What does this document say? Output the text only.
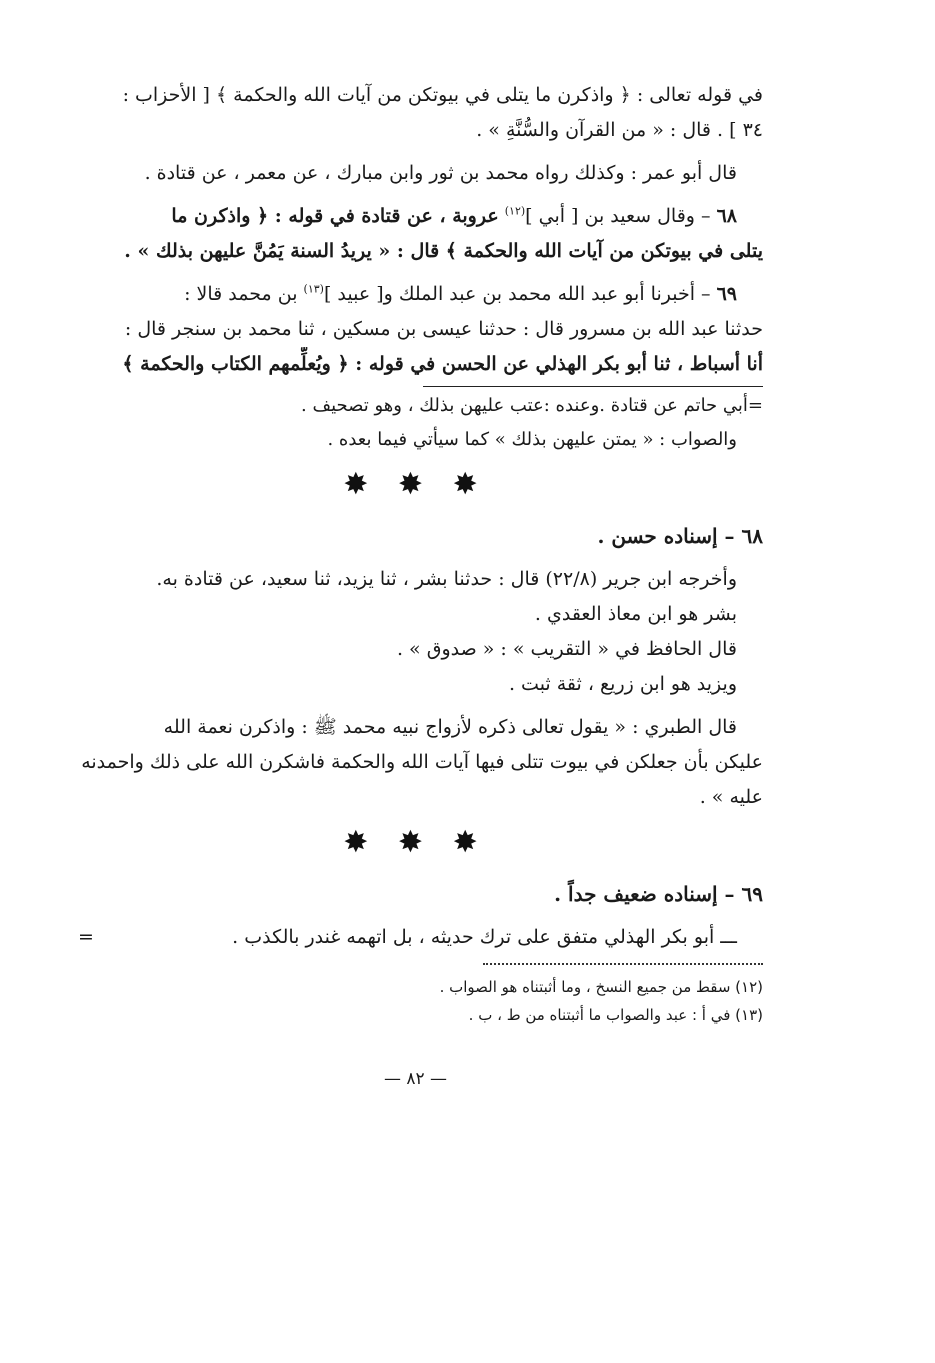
في قوله تعالى : ﴿ واذكرن ما يتلى في بيوتكن من آيات الله والحكمة ﴾ [ الأحزاب :
٣٤ ] . قال : « من القرآن والسُّنَّةِ » .
قال أبو عمر : وكذلك رواه محمد بن ثور وابن مبارك ، عن معمر ، عن قتادة .
٦٨ – وقال سعيد بن [ أبي ]$^{(١٢)}$ عروبة ، عن قتادة في قوله : ﴿ واذكرن ما
يتلى في بيوتكن من آيات الله والحكمة ﴾ قال : « يريدُ السنة يَمُنَّ عليهن بذلك » .
٦٩ – أخبرنا أبو عبد الله محمد بن عبد الملك و[ عبيد ]$^{(١٣)}$ بن محمد قالا :
حدثنا عبد الله بن مسرور قال : حدثنا عيسى بن مسكين ، ثنا محمد بن سنجر قال :
أنا أسباط ، ثنا أبو بكر الهذلي عن الحسن في قوله : ﴿ ويُعلِّمهم الكتاب والحكمة ﴾
=أبي حاتم عن قتادة .وعنده :عتب عليهن بذلك ، وهو تصحيف .
والصواب : « يمتن عليهن بذلك » كما سيأتي فيما بعده .
✸ ✸ ✸
٦٨ – إسناده حسن .
وأخرجه ابن جرير (٢٢/٨) قال : حدثنا بشر ، ثنا يزيد، ثنا سعيد، عن قتادة به.
بشر هو ابن معاذ العقدي .
قال الحافظ في « التقريب » : « صدوق » .
ويزيد هو ابن زريع ، ثقة ثبت .
قال الطبري : « يقول تعالى ذكره لأزواج نبيه محمد ﷺ : واذكرن نعمة الله
عليكن بأن جعلكن في بيوت تتلى فيها آيات الله والحكمة فاشكرن الله على ذلك واحمدنه
عليه » .
✸ ✸ ✸
٦٩ – إسناده ضعيف جداً .
ـــ أبو بكر الهذلي متفق على ترك حديثه ، بل اتهمه غندر بالكذب .
=
(١٢) سقط من جميع النسخ ، وما أثبتناه هو الصواب .
(١٣) في أ : عبد والصواب ما أثبتناه من ط ، ب .
— ٨٢ —
